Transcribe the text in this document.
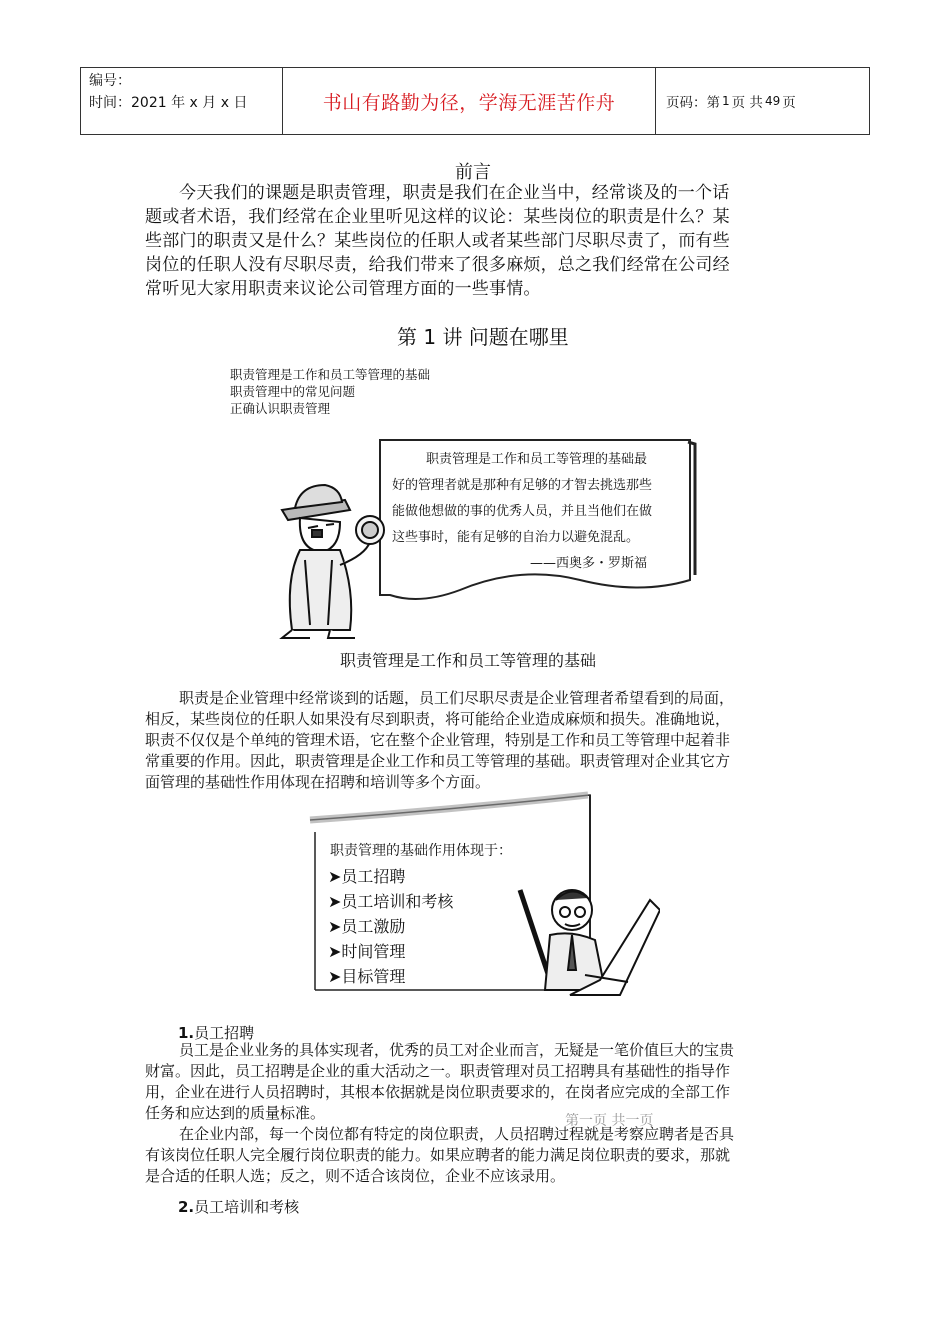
编号：
时间：2021 年 x 月 x 日	书山有路勤为径，学海无涯苦作舟	页码：第 1 页 共 49 页
前言
今天我们的课题是职责管理，职责是我们在企业当中，经常谈及的一个话
题或者术语，我们经常在企业里听见这样的议论：某些岗位的职责是什么？某
些部门的职责又是什么？某些岗位的任职人或者某些部门尽职尽责了，而有些
岗位的任职人没有尽职尽责，给我们带来了很多麻烦，总之我们经常在公司经
常听见大家用职责来议论公司管理方面的一些事情。
第 1 讲 问题在哪里
职责管理是工作和员工等管理的基础
职责管理中的常见问题
正确认识职责管理
职责管理是工作和员工等管理的基础最
好的管理者就是那种有足够的才智去挑选那些
能做他想做的事的优秀人员，并且当他们在做
这些事时，能有足够的自治力以避免混乱。
——西奥多・罗斯福
职责管理是工作和员工等管理的基础
职责是企业管理中经常谈到的话题，员工们尽职尽责是企业管理者希望看到的局面，
相反，某些岗位的任职人如果没有尽到职责，将可能给企业造成麻烦和损失。准确地说，
职责不仅仅是个单纯的管理术语，它在整个企业管理，特别是工作和员工等管理中起着非
常重要的作用。因此，职责管理是企业工作和员工等管理的基础。职责管理对企业其它方
面管理的基础性作用体现在招聘和培训等多个方面。
职责管理的基础作用体现于：
➤员工招聘
➤员工培训和考核
➤员工激励
➤时间管理
➤目标管理
1.员工招聘
员工是企业业务的具体实现者，优秀的员工对企业而言，无疑是一笔价值巨大的宝贵
财富。因此，员工招聘是企业的重大活动之一。职责管理对员工招聘具有基础性的指导作
用，企业在进行人员招聘时，其根本依据就是岗位职责要求的，在岗者应完成的全部工作
任务和应达到的质量标准。
在企业内部，每一个岗位都有特定的岗位职责，人员招聘过程就是考察应聘者是否具
有该岗位任职人完全履行岗位职责的能力。如果应聘者的能力满足岗位职责的要求，那就
是合适的任职人选；反之，则不适合该岗位，企业不应该录用。
第一页 共一页
2.员工培训和考核
